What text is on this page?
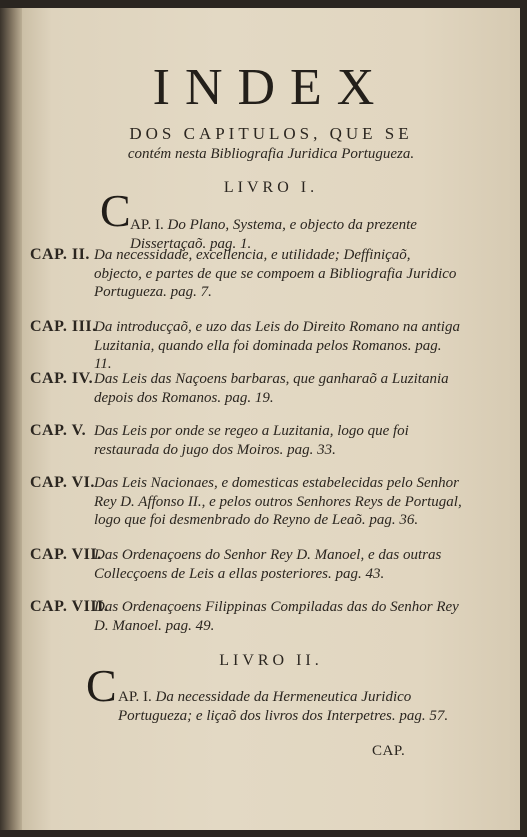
INDEX
DOS CAPITULOS, QUE SE
contém nesta Bibliografia Juridica Portugueza.
LIVRO I.
C AP. I. Do Plano, Systema, e objecto da prezente Dissertaçaõ. pag. 1.
CAP. II. Da necessidade, excellencia, e utilidade; Deffiniçaõ, objecto, e partes de que se compoem a Bibliografia Juridico Portugueza. pag. 7.
CAP. III.
Da introducçaõ, e uzo das Leis do Direito Romano na antiga Luzitania, quando ella foi dominada pelos Romanos. pag. 11.
CAP. IV. Das Leis das Naçoens barbaras, que ganharaõ a Luzitania depois dos Romanos. pag. 19.
CAP. V. Das Leis por onde se regeo a Luzitania, logo que foi restaurada do jugo dos Moiros. pag. 33.
CAP. VI. Das Leis Nacionaes, e domesticas estabelecidas pelo Senhor Rey D. Affonso II., e pelos outros Senhores Reys de Portugal, logo que foi desmenbrado do Reyno de Leaõ. pag. 36.
CAP. VII.
Das Ordenaçoens do Senhor Rey D. Manoel, e das outras Collecçoens de Leis a ellas posteriores. pag. 43.
CAP. VIII.
Das Ordenaçoens Filippinas Compiladas das do Senhor Rey D. Manoel. pag. 49.
LIVRO II.
C AP. I. Da necessidade da Hermeneutica Juridico Portugueza; e liçaõ dos livros dos Interpetres. pag. 57.
CAP.
